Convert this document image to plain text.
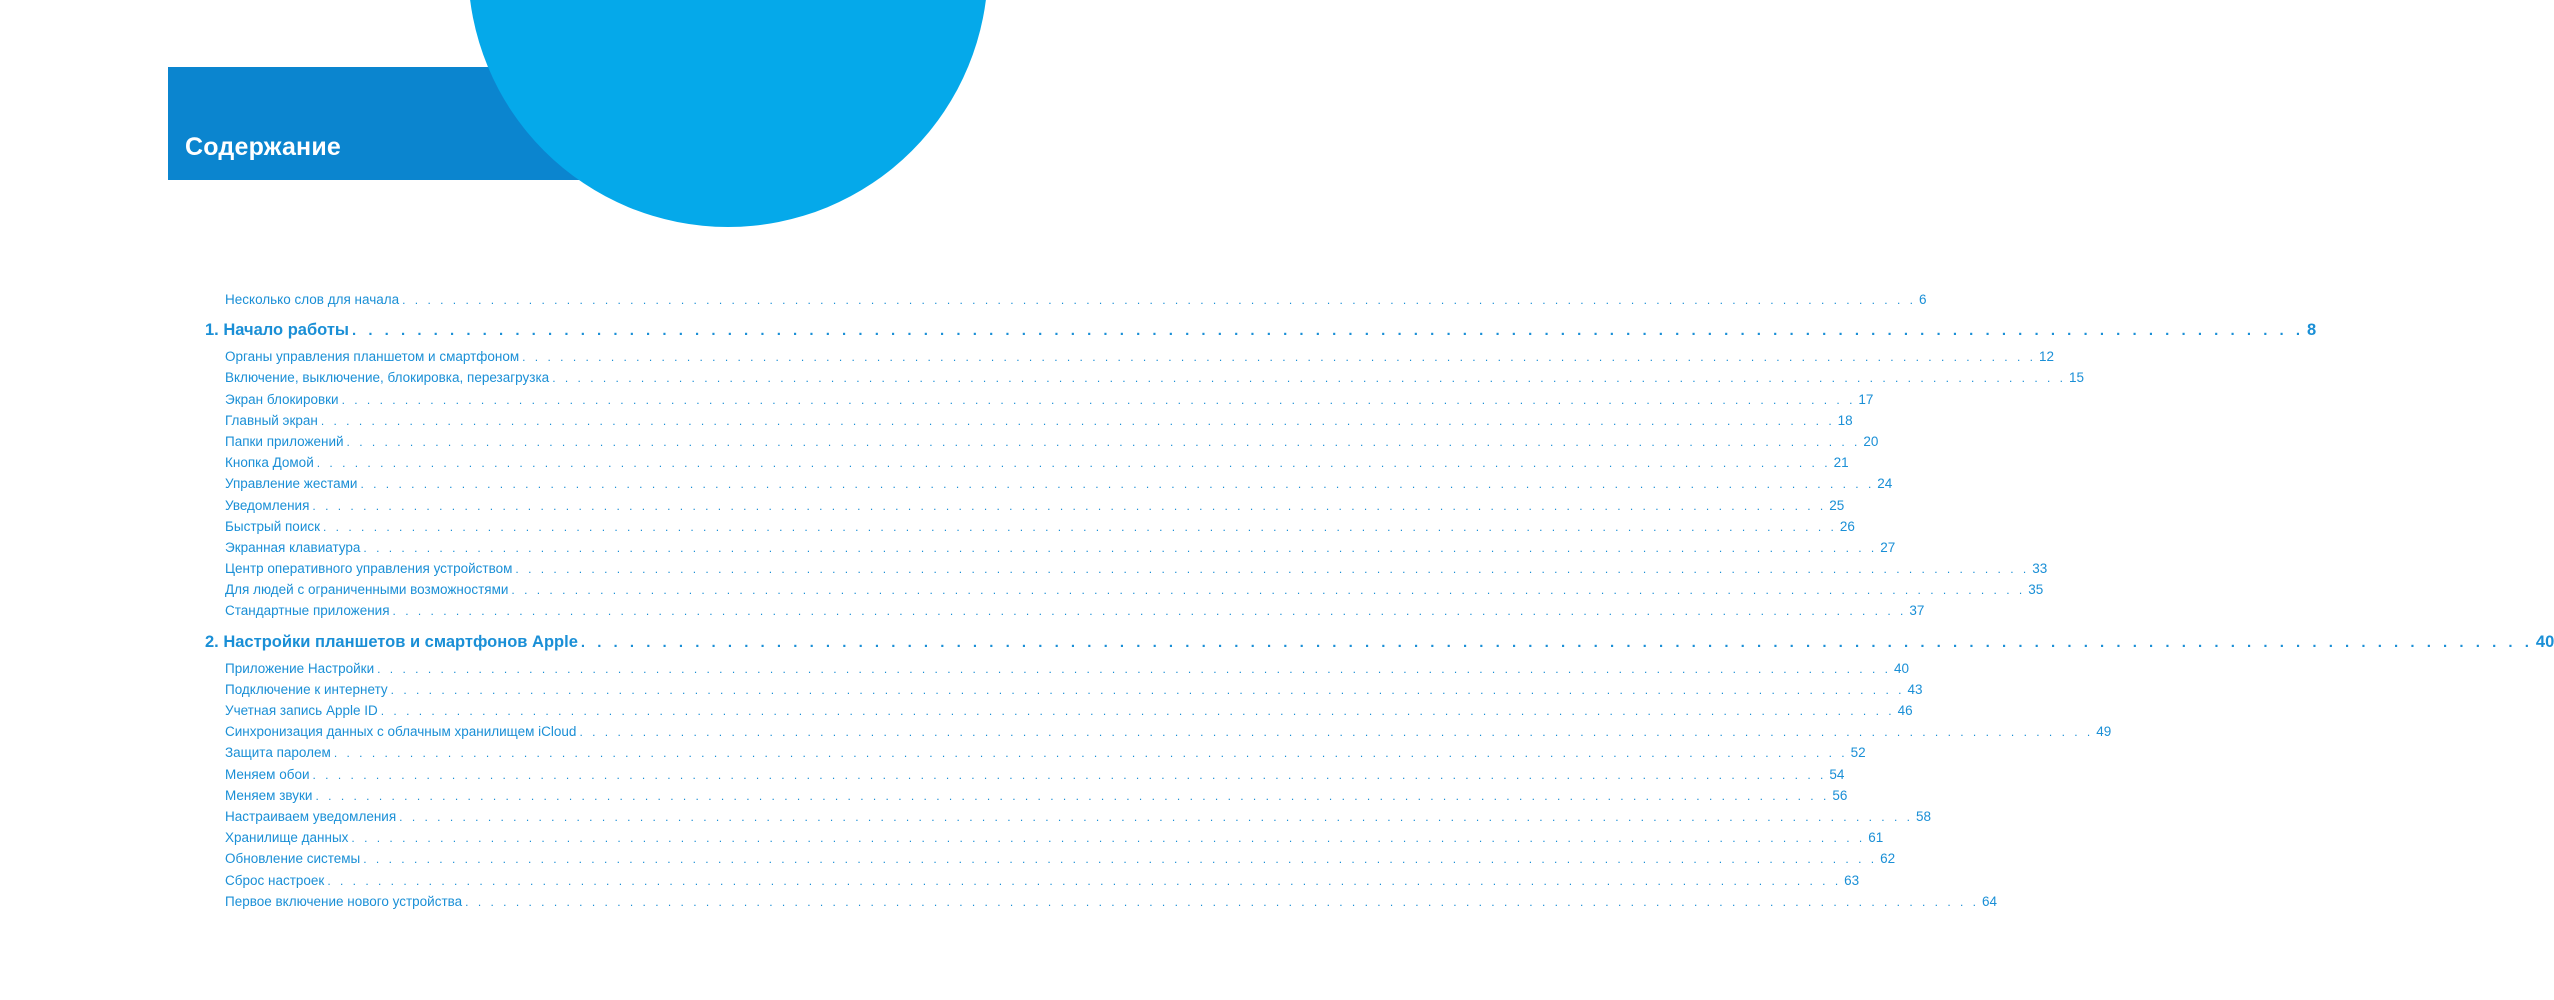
Содержание
Несколько слов для начала . . . . . . . . . . . . . . . . . . . . . . . . . . . . . . . . . . . . . . . . . . . . . . . . . . . . . . . . . . . . . . . . . . . . . . . . . . . . . . . . . . . . . . . . . . . . . . . . . . . . . . . . . . . . . . . . . . . . . . . . 6
1. Начало работы . . . . . . . . . . . . . . . . . . . . . . . . . . . . . . . . . . . . . . . . . . . . . . . . . . . . . . . . . . . . . . . . . . . . . . . . . . . . . . . . . . . . . . . . . . . . . . . . . . . . . . . . . . . . . . . . . . . . . . . . 8
Органы управления планшетом и смартфоном . . . . . . . . . . . . . . . . . . . . . . . . . . . . . . . . . . . . . . . . . . . . . . . . . . . . . . . . . . . . . . . . . . . . . . . . . . . . . . . . . . . . . . . . . . . . . . . . . . . . . . . . . . . . . . . . . . . . . . . . 12
Включение, выключение, блокировка, перезагрузка . . . . . . . . . . . . . . . . . . . . . . . . . . . . . . . . . . . . . . . . . . . . . . . . . . . . . . . . . . . . . . . . . . . . . . . . . . . . . . . . . . . . . . . . . . . . . . . . . . . . . . . . . . . . . . . . . . . . . . . . 15
Экран блокировки . . . . . . . . . . . . . . . . . . . . . . . . . . . . . . . . . . . . . . . . . . . . . . . . . . . . . . . . . . . . . . . . . . . . . . . . . . . . . . . . . . . . . . . . . . . . . . . . . . . . . . . . . . . . . . . . . . . . . . . . 17
Главный экран . . . . . . . . . . . . . . . . . . . . . . . . . . . . . . . . . . . . . . . . . . . . . . . . . . . . . . . . . . . . . . . . . . . . . . . . . . . . . . . . . . . . . . . . . . . . . . . . . . . . . . . . . . . . . . . . . . . . . . . . 18
Папки приложений . . . . . . . . . . . . . . . . . . . . . . . . . . . . . . . . . . . . . . . . . . . . . . . . . . . . . . . . . . . . . . . . . . . . . . . . . . . . . . . . . . . . . . . . . . . . . . . . . . . . . . . . . . . . . . . . . . . . . . . . 20
Кнопка Домой . . . . . . . . . . . . . . . . . . . . . . . . . . . . . . . . . . . . . . . . . . . . . . . . . . . . . . . . . . . . . . . . . . . . . . . . . . . . . . . . . . . . . . . . . . . . . . . . . . . . . . . . . . . . . . . . . . . . . . . . 21
Управление жестами . . . . . . . . . . . . . . . . . . . . . . . . . . . . . . . . . . . . . . . . . . . . . . . . . . . . . . . . . . . . . . . . . . . . . . . . . . . . . . . . . . . . . . . . . . . . . . . . . . . . . . . . . . . . . . . . . . . . . . . . 24
Уведомления . . . . . . . . . . . . . . . . . . . . . . . . . . . . . . . . . . . . . . . . . . . . . . . . . . . . . . . . . . . . . . . . . . . . . . . . . . . . . . . . . . . . . . . . . . . . . . . . . . . . . . . . . . . . . . . . . . . . . . . . 25
Быстрый поиск . . . . . . . . . . . . . . . . . . . . . . . . . . . . . . . . . . . . . . . . . . . . . . . . . . . . . . . . . . . . . . . . . . . . . . . . . . . . . . . . . . . . . . . . . . . . . . . . . . . . . . . . . . . . . . . . . . . . . . . . 26
Экранная клавиатура . . . . . . . . . . . . . . . . . . . . . . . . . . . . . . . . . . . . . . . . . . . . . . . . . . . . . . . . . . . . . . . . . . . . . . . . . . . . . . . . . . . . . . . . . . . . . . . . . . . . . . . . . . . . . . . . . . . . . . . . 27
Центр оперативного управления устройством . . . . . . . . . . . . . . . . . . . . . . . . . . . . . . . . . . . . . . . . . . . . . . . . . . . . . . . . . . . . . . . . . . . . . . . . . . . . . . . . . . . . . . . . . . . . . . . . . . . . . . . . . . . . . . . . . . . . . . . . 33
Для людей с ограниченными возможностями . . . . . . . . . . . . . . . . . . . . . . . . . . . . . . . . . . . . . . . . . . . . . . . . . . . . . . . . . . . . . . . . . . . . . . . . . . . . . . . . . . . . . . . . . . . . . . . . . . . . . . . . . . . . . . . . . . . . . . . . 35
Стандартные приложения . . . . . . . . . . . . . . . . . . . . . . . . . . . . . . . . . . . . . . . . . . . . . . . . . . . . . . . . . . . . . . . . . . . . . . . . . . . . . . . . . . . . . . . . . . . . . . . . . . . . . . . . . . . . . . . . . . . . . . . . 37
2. Настройки планшетов и смартфонов Apple . . . . . . . . . . . . . . . . . . . . . . . . . . . . . . . . . . . . . . . . . . . . . . . . . . . . . . . . . . . . . . . . . . . . . . . . . . . . . . . . . . . . . . . . . . . . . . . . . . . . . . . . . . . . . . . . . . . . . . . . 40
Приложение Настройки . . . . . . . . . . . . . . . . . . . . . . . . . . . . . . . . . . . . . . . . . . . . . . . . . . . . . . . . . . . . . . . . . . . . . . . . . . . . . . . . . . . . . . . . . . . . . . . . . . . . . . . . . . . . . . . . . . . . . . . . 40
Подключение к интернету . . . . . . . . . . . . . . . . . . . . . . . . . . . . . . . . . . . . . . . . . . . . . . . . . . . . . . . . . . . . . . . . . . . . . . . . . . . . . . . . . . . . . . . . . . . . . . . . . . . . . . . . . . . . . . . . . . . . . . . . 43
Учетная запись Apple ID . . . . . . . . . . . . . . . . . . . . . . . . . . . . . . . . . . . . . . . . . . . . . . . . . . . . . . . . . . . . . . . . . . . . . . . . . . . . . . . . . . . . . . . . . . . . . . . . . . . . . . . . . . . . . . . . . . . . . . . . 46
Синхронизация данных с облачным хранилищем iCloud . . . . . . . . . . . . . . . . . . . . . . . . . . . . . . . . . . . . . . . . . . . . . . . . . . . . . . . . . . . . . . . . . . . . . . . . . . . . . . . . . . . . . . . . . . . . . . . . . . . . . . . . . . . . . . . . . . . . . . . . 49
Защита паролем . . . . . . . . . . . . . . . . . . . . . . . . . . . . . . . . . . . . . . . . . . . . . . . . . . . . . . . . . . . . . . . . . . . . . . . . . . . . . . . . . . . . . . . . . . . . . . . . . . . . . . . . . . . . . . . . . . . . . . . . 52
Меняем обои . . . . . . . . . . . . . . . . . . . . . . . . . . . . . . . . . . . . . . . . . . . . . . . . . . . . . . . . . . . . . . . . . . . . . . . . . . . . . . . . . . . . . . . . . . . . . . . . . . . . . . . . . . . . . . . . . . . . . . . . 54
Меняем звуки . . . . . . . . . . . . . . . . . . . . . . . . . . . . . . . . . . . . . . . . . . . . . . . . . . . . . . . . . . . . . . . . . . . . . . . . . . . . . . . . . . . . . . . . . . . . . . . . . . . . . . . . . . . . . . . . . . . . . . . . 56
Настраиваем уведомления . . . . . . . . . . . . . . . . . . . . . . . . . . . . . . . . . . . . . . . . . . . . . . . . . . . . . . . . . . . . . . . . . . . . . . . . . . . . . . . . . . . . . . . . . . . . . . . . . . . . . . . . . . . . . . . . . . . . . . . . 58
Хранилище данных . . . . . . . . . . . . . . . . . . . . . . . . . . . . . . . . . . . . . . . . . . . . . . . . . . . . . . . . . . . . . . . . . . . . . . . . . . . . . . . . . . . . . . . . . . . . . . . . . . . . . . . . . . . . . . . . . . . . . . . . 61
Обновление системы . . . . . . . . . . . . . . . . . . . . . . . . . . . . . . . . . . . . . . . . . . . . . . . . . . . . . . . . . . . . . . . . . . . . . . . . . . . . . . . . . . . . . . . . . . . . . . . . . . . . . . . . . . . . . . . . . . . . . . . . 62
Сброс настроек . . . . . . . . . . . . . . . . . . . . . . . . . . . . . . . . . . . . . . . . . . . . . . . . . . . . . . . . . . . . . . . . . . . . . . . . . . . . . . . . . . . . . . . . . . . . . . . . . . . . . . . . . . . . . . . . . . . . . . . . 63
Первое включение нового устройства . . . . . . . . . . . . . . . . . . . . . . . . . . . . . . . . . . . . . . . . . . . . . . . . . . . . . . . . . . . . . . . . . . . . . . . . . . . . . . . . . . . . . . . . . . . . . . . . . . . . . . . . . . . . . . . . . . . . . . . . 64
